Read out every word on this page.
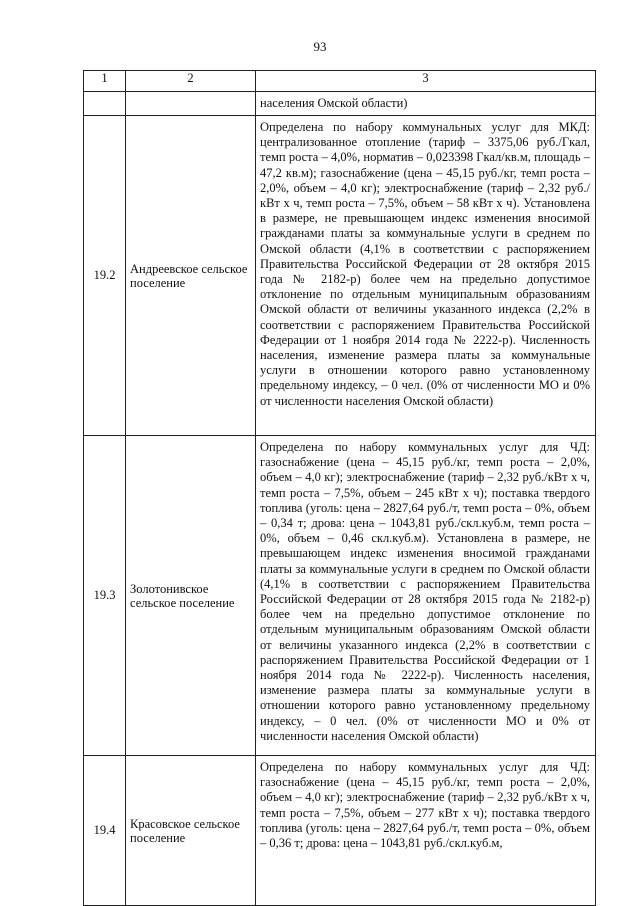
93
1	2	3
		населения Омской области)
19.2	Андреевское сельское поселение	Определена по набору коммунальных услуг для МКД: централизованное отопление (тариф – 3375,06 руб./Гкал, темп роста – 4,0%, норматив – 0,023398 Гкал/кв.м, площадь – 47,2 кв.м); газоснабжение (цена – 45,15 руб./кг, темп роста – 2,0%, объем – 4,0 кг); электроснабжение (тариф – 2,32 руб./кВт х ч, темп роста – 7,5%, объем – 58 кВт х ч). Установлена в размере, не превышающем индекс изменения вносимой гражданами платы за коммунальные услуги в среднем по Омской области (4,1% в соответствии с распоряжением Правительства Российской Федерации от 28 октября 2015 года № 2182-р) более чем на предельно допустимое отклонение по отдельным муниципальным образованиям Омской области от величины указанного индекса (2,2% в соответствии с распоряжением Правительства Российской Федерации от 1 ноября 2014 года № 2222-р). Численность населения, изменение размера платы за коммунальные услуги в отношении которого равно установленному предельному индексу, – 0 чел. (0% от численности МО и 0% от численности населения Омской области)
19.3	Золотонивское сельское поселение	Определена по набору коммунальных услуг для ЧД: газоснабжение (цена – 45,15 руб./кг, темп роста – 2,0%, объем – 4,0 кг); электроснабжение (тариф – 2,32 руб./кВт х ч, темп роста – 7,5%, объем – 245 кВт х ч); поставка твердого топлива (уголь: цена – 2827,64 руб./т, темп роста – 0%, объем – 0,34 т; дрова: цена – 1043,81 руб./скл.куб.м, темп роста – 0%, объем – 0,46 скл.куб.м). Установлена в размере, не превышающем индекс изменения вносимой гражданами платы за коммунальные услуги в среднем по Омской области (4,1% в соответствии с распоряжением Правительства Российской Федерации от 28 октября 2015 года № 2182-р) более чем на предельно допустимое отклонение по отдельным муниципальным образованиям Омской области от величины указанного индекса (2,2% в соответствии с распоряжением Правительства Российской Федерации от 1 ноября 2014 года № 2222-р). Численность населения, изменение размера платы за коммунальные услуги в отношении которого равно установленному предельному индексу, – 0 чел. (0% от численности МО и 0% от численности населения Омской области)
19.4	Красовское сельское поселение	Определена по набору коммунальных услуг для ЧД: газоснабжение (цена – 45,15 руб./кг, темп роста – 2,0%, объем – 4,0 кг); электроснабжение (тариф – 2,32 руб./кВт х ч, темп роста – 7,5%, объем – 277 кВт х ч); поставка твердого топлива (уголь: цена – 2827,64 руб./т, темп роста – 0%, объем – 0,36 т; дрова: цена – 1043,81 руб./скл.куб.м,
